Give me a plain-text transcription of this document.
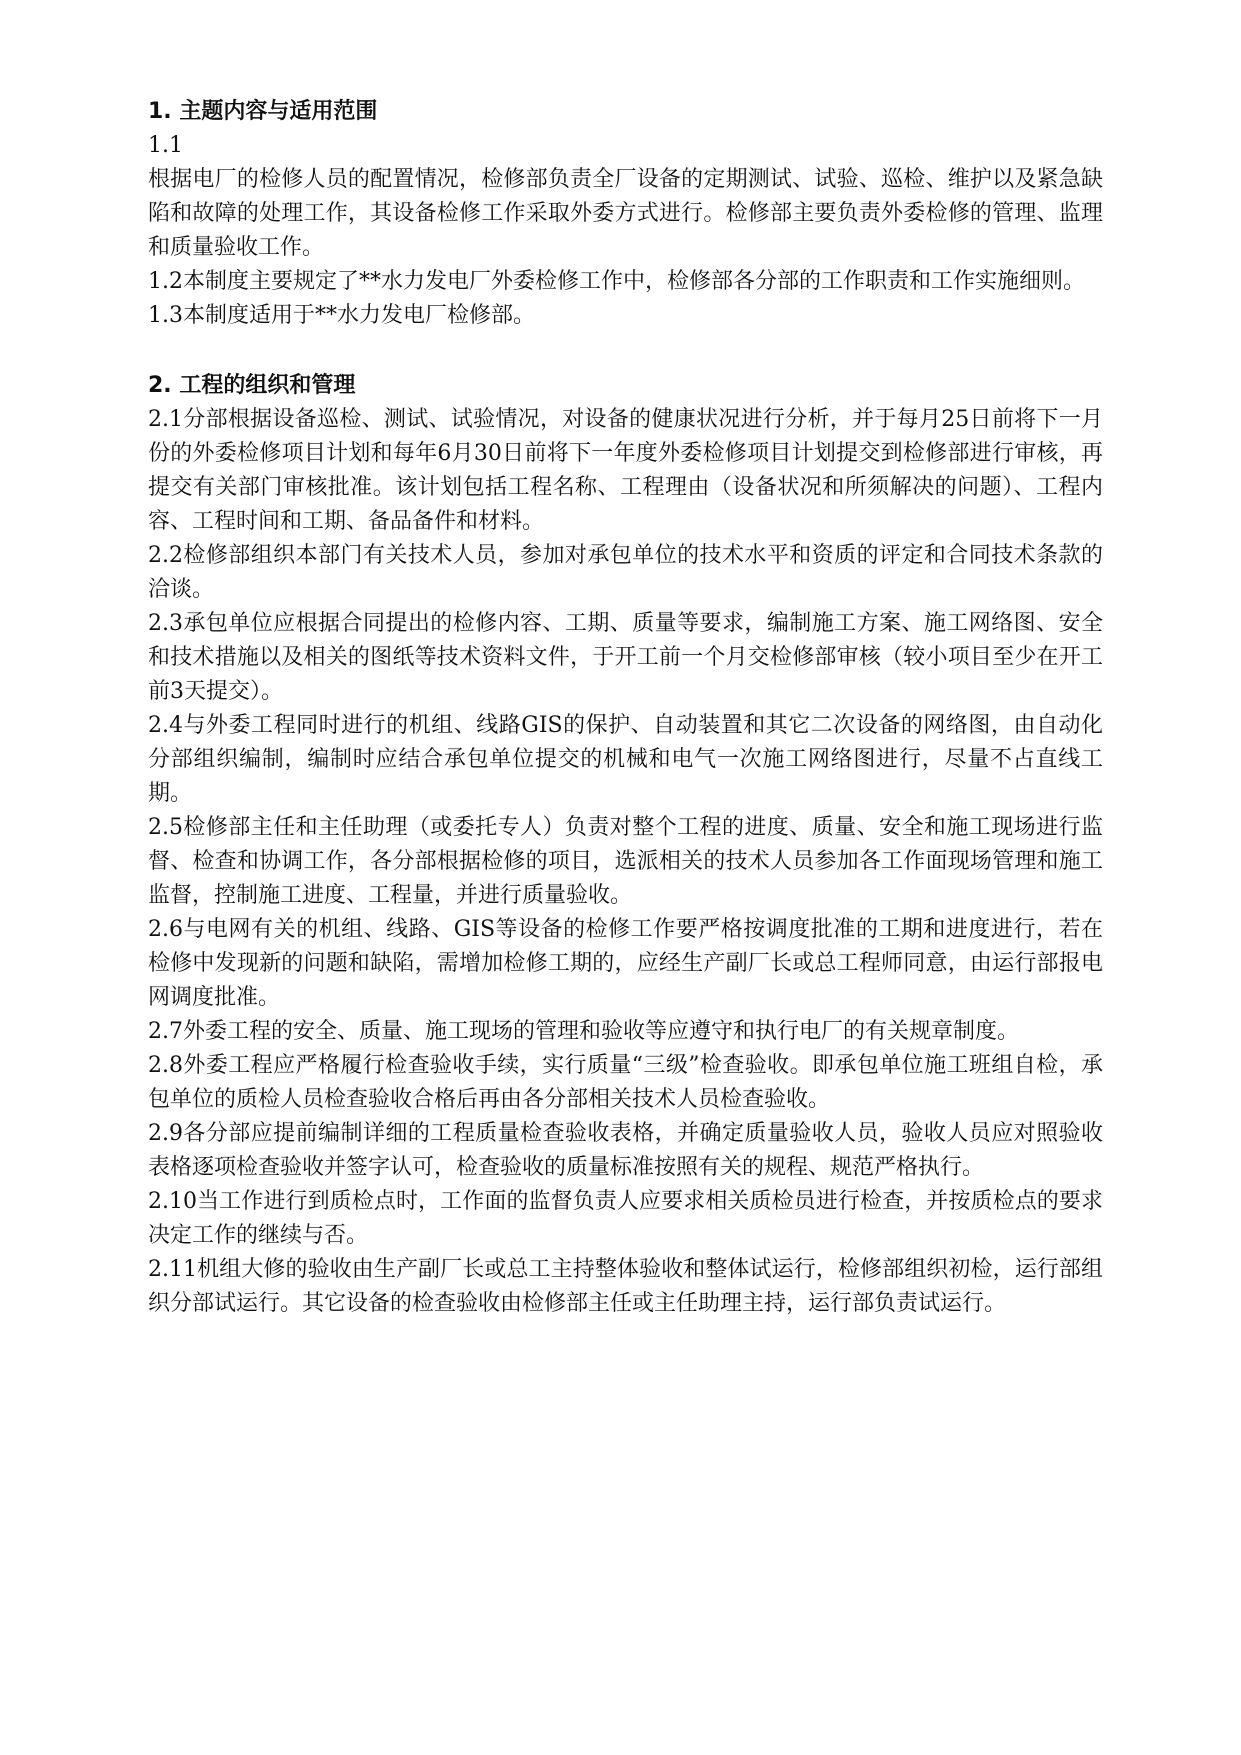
1. 主题内容与适用范围

1.1

根据电厂的检修人员的配置情况，检修部负责全厂设备的定期测试、试验、巡检、维护以及紧急缺陷和故障的处理工作，其设备检修工作采取外委方式进行。检修部主要负责外委检修的管理、监理和质量验收工作。

1.2本制度主要规定了**水力发电厂外委检修工作中，检修部各分部的工作职责和工作实施细则。

1.3本制度适用于**水力发电厂检修部。

2. 工程的组织和管理

2.1分部根据设备巡检、测试、试验情况，对设备的健康状况进行分析，并于每月25日前将下一月份的外委检修项目计划和每年6月30日前将下一年度外委检修项目计划提交到检修部进行审核，再提交有关部门审核批准。该计划包括工程名称、工程理由（设备状况和所须解决的问题）、工程内容、工程时间和工期、备品备件和材料。

2.2检修部组织本部门有关技术人员，参加对承包单位的技术水平和资质的评定和合同技术条款的洽谈。

2.3承包单位应根据合同提出的检修内容、工期、质量等要求，编制施工方案、施工网络图、安全和技术措施以及相关的图纸等技术资料文件，于开工前一个月交检修部审核（较小项目至少在开工前3天提交）。

2.4与外委工程同时进行的机组、线路GIS的保护、自动装置和其它二次设备的网络图，由自动化分部组织编制，编制时应结合承包单位提交的机械和电气一次施工网络图进行，尽量不占直线工期。

2.5检修部主任和主任助理（或委托专人）负责对整个工程的进度、质量、安全和施工现场进行监督、检查和协调工作，各分部根据检修的项目，选派相关的技术人员参加各工作面现场管理和施工监督，控制施工进度、工程量，并进行质量验收。

2.6与电网有关的机组、线路、GIS等设备的检修工作要严格按调度批准的工期和进度进行，若在检修中发现新的问题和缺陷，需增加检修工期的，应经生产副厂长或总工程师同意，由运行部报电网调度批准。

2.7外委工程的安全、质量、施工现场的管理和验收等应遵守和执行电厂的有关规章制度。

2.8外委工程应严格履行检查验收手续，实行质量“三级”检查验收。即承包单位施工班组自检，承包单位的质检人员检查验收合格后再由各分部相关技术人员检查验收。

2.9各分部应提前编制详细的工程质量检查验收表格，并确定质量验收人员，验收人员应对照验收表格逐项检查验收并签字认可，检查验收的质量标准按照有关的规程、规范严格执行。

2.10当工作进行到质检点时，工作面的监督负责人应要求相关质检员进行检查，并按质检点的要求决定工作的继续与否。

2.11机组大修的验收由生产副厂长或总工主持整体验收和整体试运行，检修部组织初检，运行部组织分部试运行。其它设备的检查验收由检修部主任或主任助理主持，运行部负责试运行。
